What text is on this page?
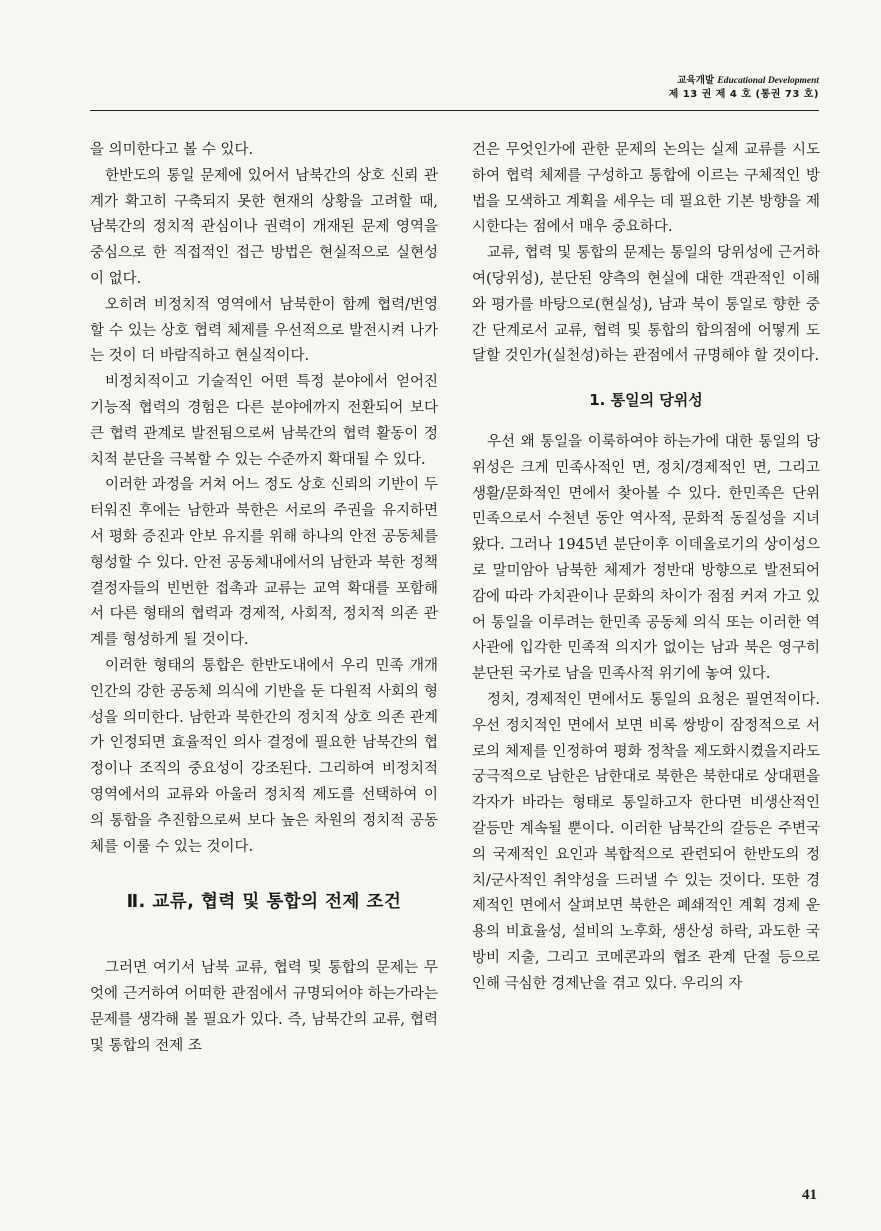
교육개발 Educational Development
제 13 권 제 4 호 (통권 73 호)

을 의미한다고 볼 수 있다.

한반도의 통일 문제에 있어서 남북간의 상호 신뢰 관계가 확고히 구축되지 못한 현재의 상황을 고려할 때, 남북간의 정치적 관심이나 권력이 개재된 문제 영역을 중심으로 한 직접적인 접근 방법은 현실적으로 실현성이 없다.

오히려 비정치적 영역에서 남북한이 함께 협력/번영할 수 있는 상호 협력 체제를 우선적으로 발전시켜 나가는 것이 더 바람직하고 현실적이다.

비정치적이고 기술적인 어떤 특정 분야에서 얻어진 기능적 협력의 경험은 다른 분야에까지 전환되어 보다 큰 협력 관계로 발전됨으로써 남북간의 협력 활동이 정치적 분단을 극복할 수 있는 수준까지 확대될 수 있다.

이러한 과정을 거쳐 어느 정도 상호 신뢰의 기반이 두터워진 후에는 남한과 북한은 서로의 주권을 유지하면서 평화 증진과 안보 유지를 위해 하나의 안전 공동체를 형성할 수 있다. 안전 공동체내에서의 남한과 북한 정책 결정자들의 빈번한 접촉과 교류는 교역 확대를 포함해서 다른 형태의 협력과 경제적, 사회적, 정치적 의존 관계를 형성하게 될 것이다.

이러한 형태의 통합은 한반도내에서 우리 민족 개개인간의 강한 공동체 의식에 기반을 둔 다원적 사회의 형성을 의미한다. 남한과 북한간의 정치적 상호 의존 관계가 인정되면 효율적인 의사 결정에 필요한 남북간의 협정이나 조직의 중요성이 강조된다. 그리하여 비정치적 영역에서의 교류와 아울러 정치적 제도를 선택하여 이의 통합을 추진함으로써 보다 높은 차원의 정치적 공동체를 이룰 수 있는 것이다.

Ⅱ. 교류, 협력 및 통합의 전제 조건

그러면 여기서 남북 교류, 협력 및 통합의 문제는 무엇에 근거하여 어떠한 관점에서 규명되어야 하는가라는 문제를 생각해 볼 필요가 있다. 즉, 남북간의 교류, 협력 및 통합의 전제 조

건은 무엇인가에 관한 문제의 논의는 실제 교류를 시도하여 협력 체제를 구성하고 통합에 이르는 구체적인 방법을 모색하고 계획을 세우는 데 필요한 기본 방향을 제시한다는 점에서 매우 중요하다.

교류, 협력 및 통합의 문제는 통일의 당위성에 근거하여(당위성), 분단된 양측의 현실에 대한 객관적인 이해와 평가를 바탕으로(현실성), 남과 북이 통일로 향한 중간 단계로서 교류, 협력 및 통합의 합의점에 어떻게 도달할 것인가(실천성)하는 관점에서 규명해야 할 것이다.

1. 통일의 당위성

우선 왜 통일을 이룩하여야 하는가에 대한 통일의 당위성은 크게 민족사적인 면, 정치/경제적인 면, 그리고 생활/문화적인 면에서 찾아볼 수 있다. 한민족은 단위 민족으로서 수천년 동안 역사적, 문화적 동질성을 지녀왔다. 그러나 1945년 분단이후 이데올로기의 상이성으로 말미암아 남북한 체제가 정반대 방향으로 발전되어감에 따라 가치관이나 문화의 차이가 점점 커져 가고 있어 통일을 이루려는 한민족 공동체 의식 또는 이러한 역사관에 입각한 민족적 의지가 없이는 남과 북은 영구히 분단된 국가로 남을 민족사적 위기에 놓여 있다.

정치, 경제적인 면에서도 통일의 요청은 필연적이다. 우선 정치적인 면에서 보면 비록 쌍방이 잠정적으로 서로의 체제를 인정하여 평화 정착을 제도화시켰을지라도 궁극적으로 남한은 남한대로 북한은 북한대로 상대편을 각자가 바라는 형태로 통일하고자 한다면 비생산적인 갈등만 계속될 뿐이다. 이러한 남북간의 갈등은 주변국의 국제적인 요인과 복합적으로 관련되어 한반도의 정치/군사적인 취약성을 드러낼 수 있는 것이다. 또한 경제적인 면에서 살펴보면 북한은 폐쇄적인 계획 경제 운용의 비효율성, 설비의 노후화, 생산성 하락, 과도한 국방비 지출, 그리고 코메콘과의 협조 관계 단절 등으로 인해 극심한 경제난을 겪고 있다. 우리의 자

41
